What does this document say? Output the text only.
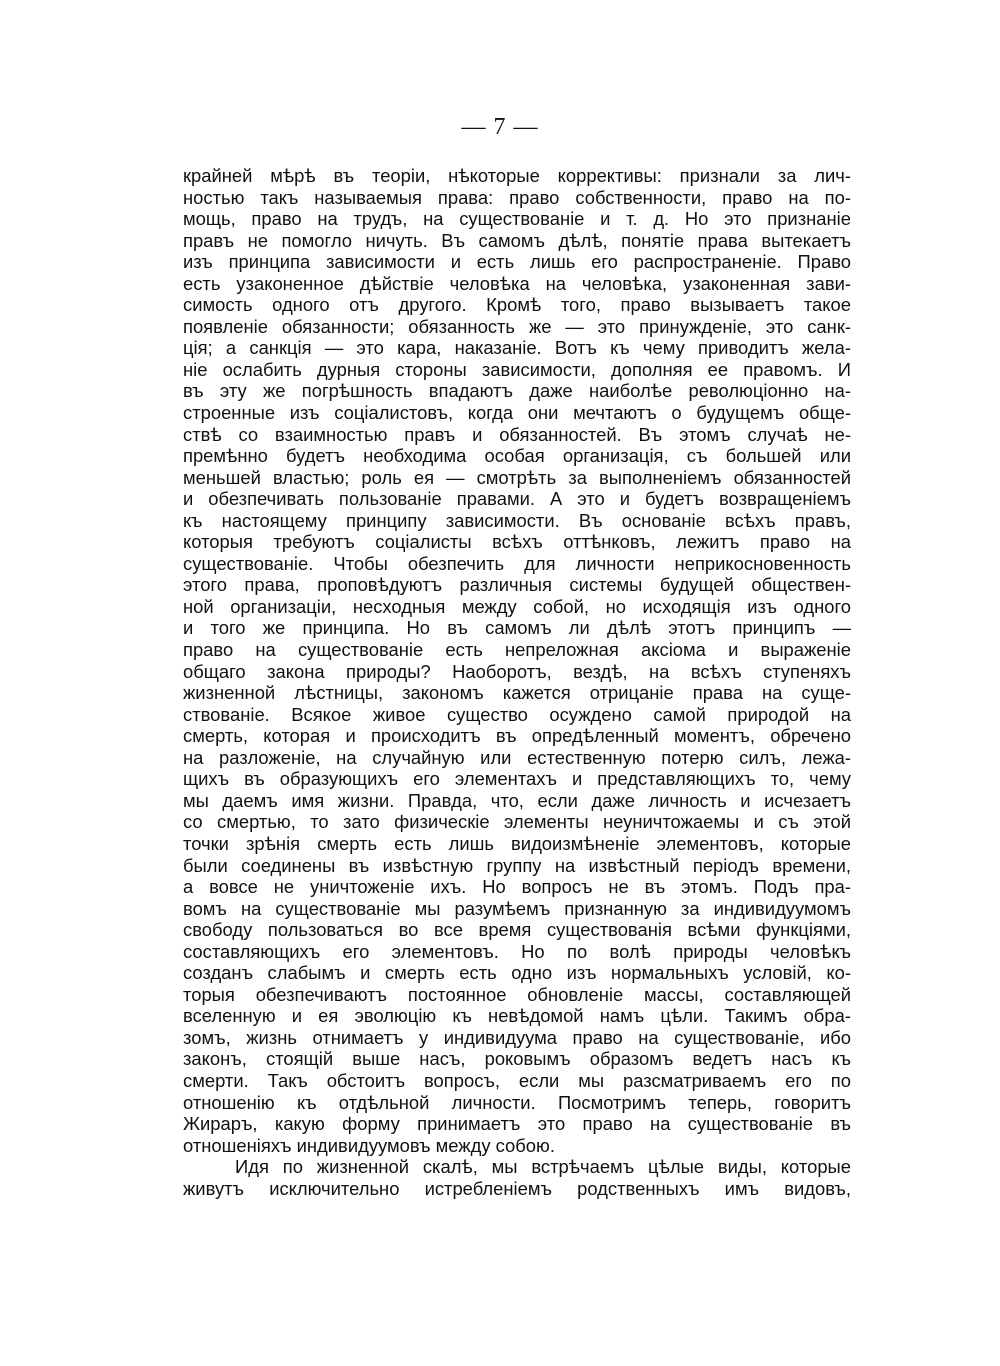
— 7 —
крайней мѣрѣ въ теоріи, нѣкоторые коррективы: признали за лич-
ностью такъ называемыя права: право собственности, право на по-
мощь, право на трудъ, на существованіе и т. д. Но это признаніе
правъ не помогло ничуть. Въ самомъ дѣлѣ, понятіе права вытекаетъ
изъ принципа зависимости и есть лишь его распространеніе. Право
есть узаконенное дѣйствіе человѣка на человѣка, узаконенная зави-
симость одного отъ другого. Кромѣ того, право вызываетъ такое
появленіе обязанности; обязанность же — это принужденіе, это санк-
ція; а санкція — это кара, наказаніе. Вотъ къ чему приводитъ жела-
ніе ослабить дурныя стороны зависимости, дополняя ее правомъ. И
въ эту же погрѣшность впадаютъ даже наиболѣе революціонно на-
строенные изъ соціалистовъ, когда они мечтаютъ о будущемъ обще-
ствѣ со взаимностью правъ и обязанностей. Въ этомъ случаѣ не-
премѣнно будетъ необходима особая организація, съ большей или
меньшей властью; роль ея — смотрѣть за выполненіемъ обязанностей
и обезпечивать пользованіе правами. А это и будетъ возвращеніемъ
къ настоящему принципу зависимости. Въ основаніе всѣхъ правъ,
которыя требуютъ соціалисты всѣхъ оттѣнковъ, лежитъ право на
существованіе. Чтобы обезпечить для личности неприкосновенность
этого права, проповѣдуютъ различныя системы будущей обществен-
ной организаціи, несходныя между собой, но исходящія изъ одного
и того же принципа. Но въ самомъ ли дѣлѣ этотъ принципъ —
право на существованіе есть непреложная аксіома и выраженіе
общаго закона природы? Наоборотъ, вездѣ, на всѣхъ ступеняхъ
жизненной лѣстницы, закономъ кажется отрицаніе права на суще-
ствованіе. Всякое живое существо осуждено самой природой на
смерть, которая и происходитъ въ опредѣленный моментъ, обречено
на разложеніе, на случайную или естественную потерю силъ, лежа-
щихъ въ образующихъ его элементахъ и представляющихъ то, чему
мы даемъ имя жизни. Правда, что, если даже личность и исчезаетъ
со смертью, то зато физическіе элементы неуничтожаемы и съ этой
точки зрѣнія смерть есть лишь видоизмѣненіе элементовъ, которые
были соединены въ извѣстную группу на извѣстный періодъ времени,
а вовсе не уничтоженіе ихъ. Но вопросъ не въ этомъ. Подъ пра-
вомъ на существованіе мы разумѣемъ признанную за индивидуумомъ
свободу пользоваться во все время существованія всѣми функціями,
составляющихъ его элементовъ. Но по волѣ природы человѣкъ
созданъ слабымъ и смерть есть одно изъ нормальныхъ условій, ко-
торыя обезпечиваютъ постоянное обновленіе массы, составляющей
вселенную и ея эволюцію къ невѣдомой намъ цѣли. Такимъ обра-
зомъ, жизнь отнимаетъ у индивидуума право на существованіе, ибо
законъ, стоящій выше насъ, роковымъ образомъ ведетъ насъ къ
смерти. Такъ обстоитъ вопросъ, если мы разсматриваемъ его по
отношенію къ отдѣльной личности. Посмотримъ теперь, говоритъ
Жираръ, какую форму принимаетъ это право на существованіе въ
отношеніяхъ индивидуумовъ между собою.
Идя по жизненной скалѣ, мы встрѣчаемъ цѣлые виды, которые
живутъ исключительно истребленіемъ родственныхъ имъ видовъ,
